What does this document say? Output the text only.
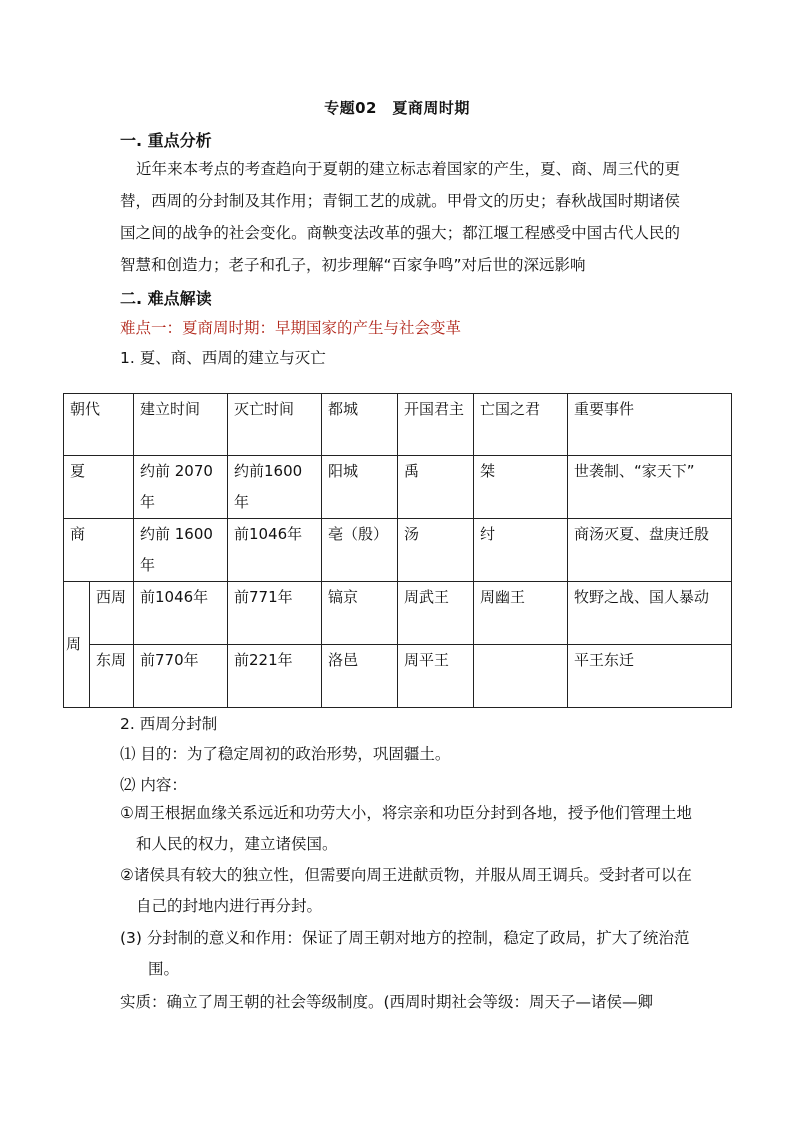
专题02　夏商周时期
一. 重点分析
近年来本考点的考查趋向于夏朝的建立标志着国家的产生，夏、商、周三代的更替，西周的分封制及其作用；青铜工艺的成就。甲骨文的历史；春秋战国时期诸侯国之间的战争的社会变化。商鞅变法改革的强大；都江堰工程感受中国古代人民的智慧和创造力；老子和孔子，初步理解“百家争鸣”对后世的深远影响
二. 难点解读
难点一：夏商周时期：早期国家的产生与社会变革
1. 夏、商、西周的建立与灭亡
朝代		建立时间	灭亡时间	都城	开国君主	亡国之君	重要事件
夏		约前 2070 年	约前1600年	阳城	禹	桀	世袭制、“家天下”
商		约前 1600 年	前1046年	亳（殷）	汤	纣	商汤灭夏、盘庚迁殷
周	西周	前1046年	前771年	镐京	周武王	周幽王	牧野之战、国人暴动
	东周	前770年	前221年	洛邑	周平王		平王东迁
2. 西周分封制
⑴ 目的：为了稳定周初的政治形势，巩固疆土。
⑵ 内容：
①周王根据血缘关系远近和功劳大小，将宗亲和功臣分封到各地，授予他们管理土地和人民的权力，建立诸侯国。
②诸侯具有较大的独立性，但需要向周王进献贡物，并服从周王调兵。受封者可以在自己的封地内进行再分封。
(3) 分封制的意义和作用：保证了周王朝对地方的控制，稳定了政局，扩大了统治范围。
实质：确立了周王朝的社会等级制度。(西周时期社会等级：周天子—诸侯—卿
